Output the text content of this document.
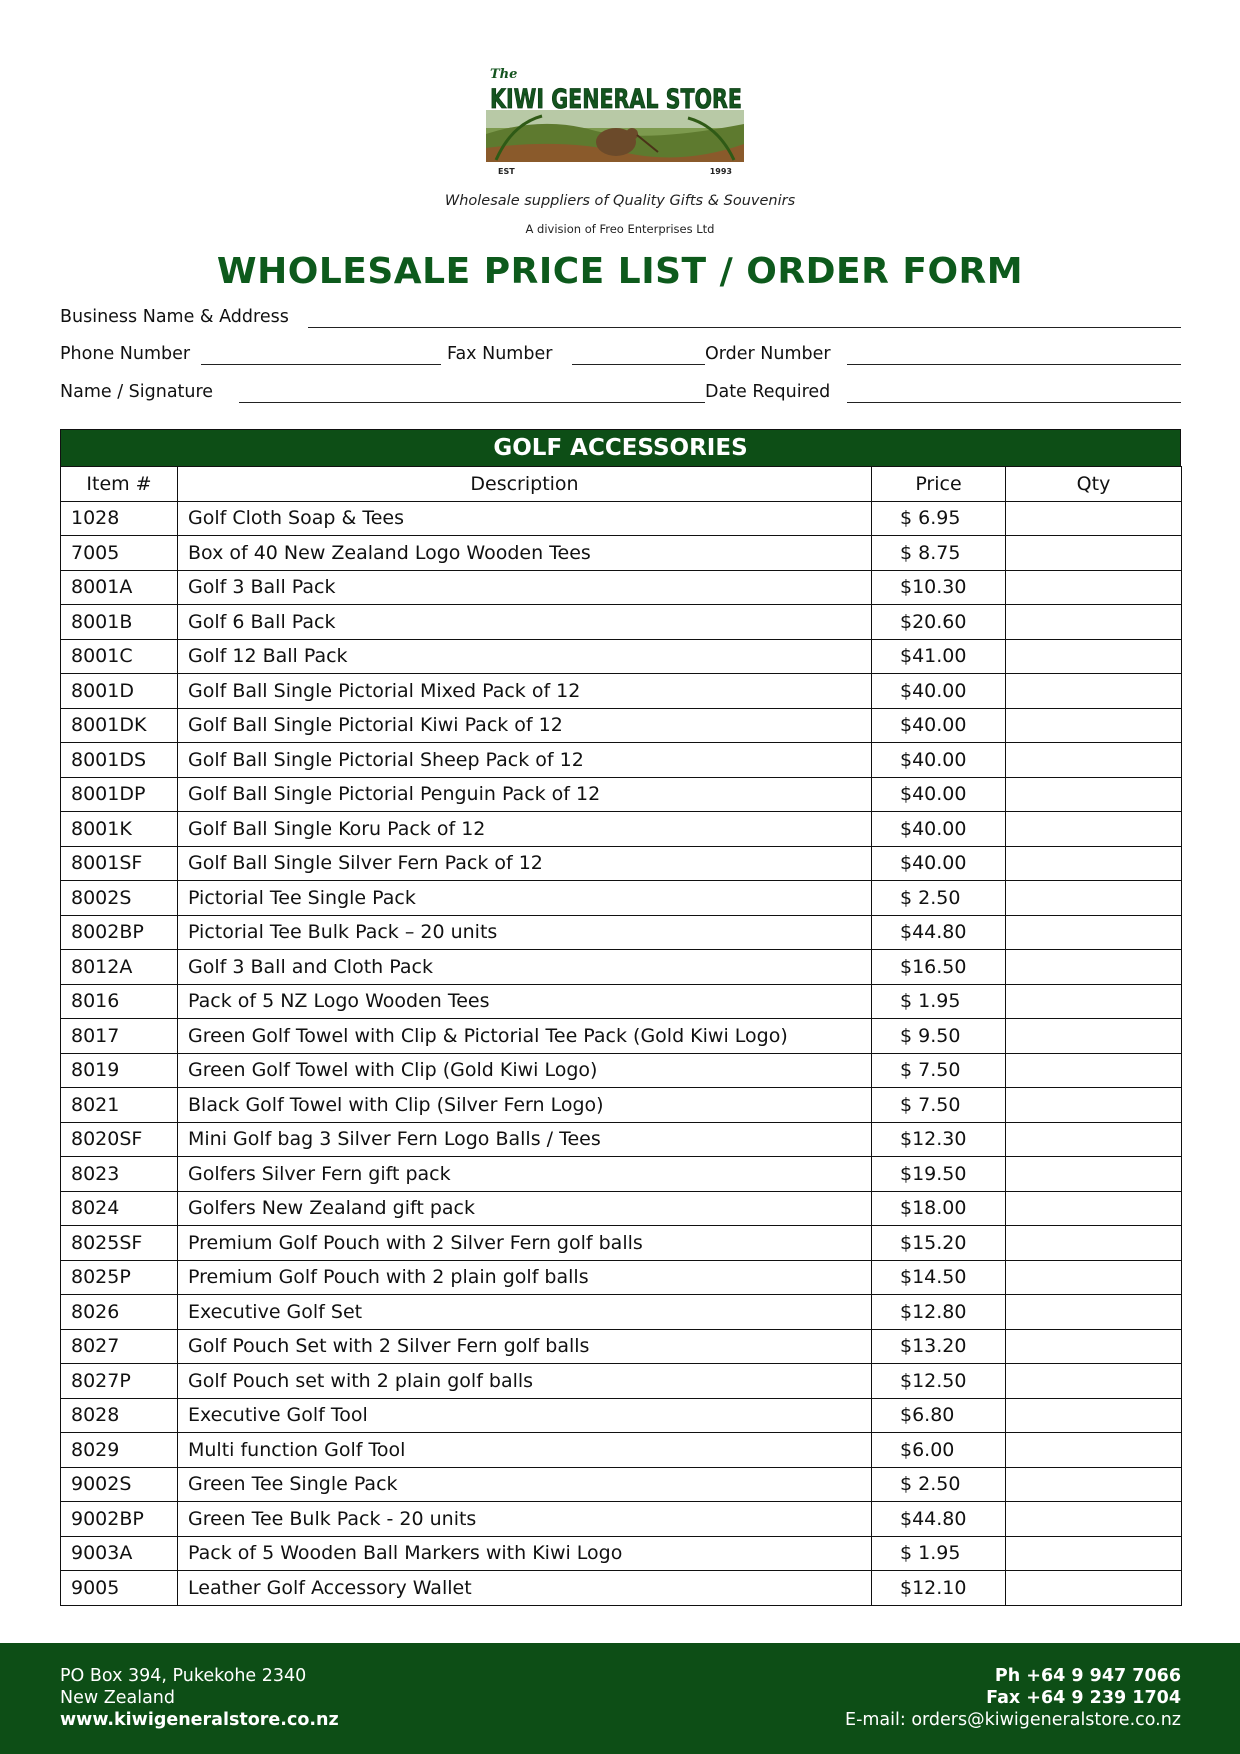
The
KIWI GENERAL STORE
EST	1993
Wholesale suppliers of Quality Gifts & Souvenirs
A division of Freo Enterprises Ltd
WHOLESALE PRICE LIST / ORDER FORM
Business Name & Address
Phone Number	Fax Number	Order Number
Name / Signature	Date Required
GOLF ACCESSORIES
Item #	Description	Price	Qty
1028	Golf Cloth Soap & Tees	$ 6.95	
7005	Box of 40 New Zealand Logo Wooden Tees	$ 8.75	
8001A	Golf 3 Ball Pack	$10.30	
8001B	Golf 6 Ball Pack	$20.60	
8001C	Golf 12 Ball Pack	$41.00	
8001D	Golf Ball Single Pictorial Mixed Pack of 12	$40.00	
8001DK	Golf Ball Single Pictorial Kiwi Pack of 12	$40.00	
8001DS	Golf Ball Single Pictorial Sheep Pack of 12	$40.00	
8001DP	Golf Ball Single Pictorial Penguin Pack of 12	$40.00	
8001K	Golf Ball Single Koru Pack of 12	$40.00	
8001SF	Golf Ball Single Silver Fern Pack of 12	$40.00	
8002S	Pictorial Tee Single Pack	$ 2.50	
8002BP	Pictorial Tee Bulk Pack – 20 units	$44.80	
8012A	Golf 3 Ball and Cloth Pack	$16.50	
8016	Pack of 5 NZ Logo Wooden Tees	$ 1.95	
8017	Green Golf Towel with Clip & Pictorial Tee Pack (Gold Kiwi Logo)	$ 9.50	
8019	Green Golf Towel with Clip (Gold Kiwi Logo)	$ 7.50	
8021	Black Golf Towel with Clip (Silver Fern Logo)	$ 7.50	
8020SF	Mini Golf bag 3 Silver Fern Logo Balls / Tees	$12.30	
8023	Golfers Silver Fern gift pack	$19.50	
8024	Golfers New Zealand gift pack	$18.00	
8025SF	Premium Golf Pouch with 2 Silver Fern golf balls	$15.20	
8025P	Premium Golf Pouch with 2 plain golf balls	$14.50	
8026	Executive Golf Set	$12.80	
8027	Golf Pouch Set with 2 Silver Fern golf balls	$13.20	
8027P	Golf Pouch set with 2 plain golf balls	$12.50	
8028	Executive Golf Tool	$6.80	
8029	Multi function Golf Tool	$6.00	
9002S	Green Tee Single Pack	$ 2.50	
9002BP	Green Tee Bulk Pack - 20 units	$44.80	
9003A	Pack of 5 Wooden Ball Markers with Kiwi Logo	$ 1.95	
9005	Leather Golf Accessory Wallet	$12.10	
PO Box 394, Pukekohe 2340
New Zealand
www.kiwigeneralstore.co.nz
Ph +64 9 947 7066
Fax +64 9 239 1704
E-mail: orders@kiwigeneralstore.co.nz
